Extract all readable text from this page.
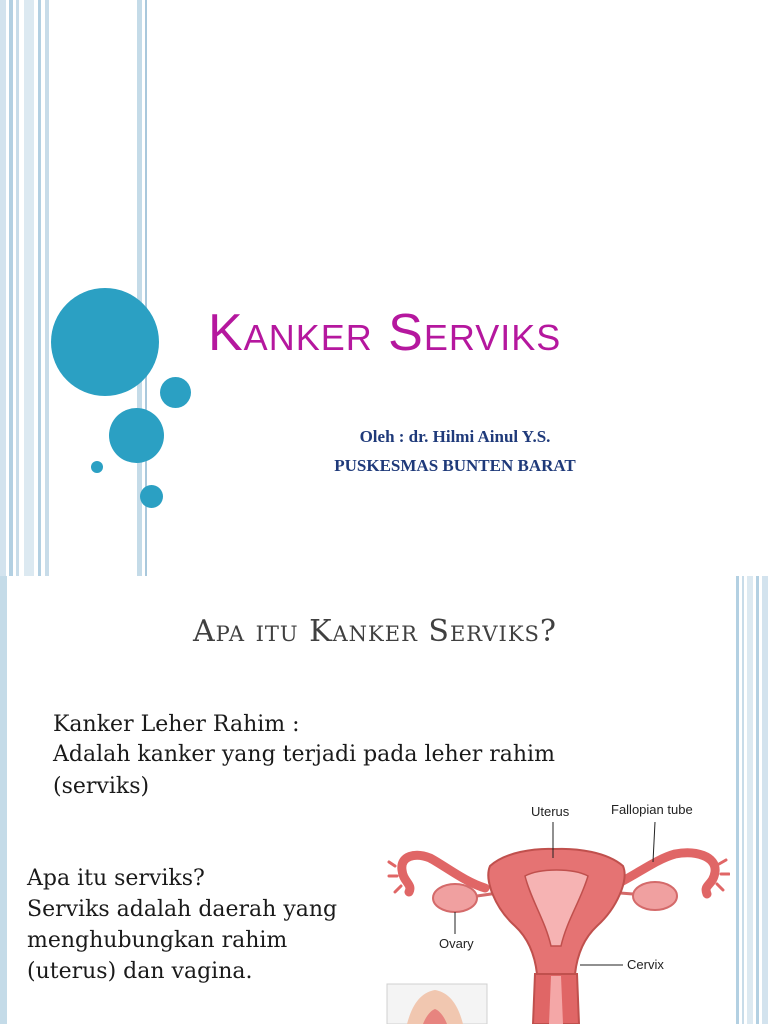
Kanker Serviks
Oleh : dr. Hilmi Ainul Y.S.
PUSKESMAS BUNTEN BARAT
Apa itu Kanker Serviks?
Kanker Leher Rahim :
Adalah kanker yang terjadi pada leher rahim
(serviks)
Apa itu serviks?
Serviks adalah daerah yang
menghubungkan rahim
(uterus) dan vagina.
Uterus	Fallopian tube
Ovary
Cervix
